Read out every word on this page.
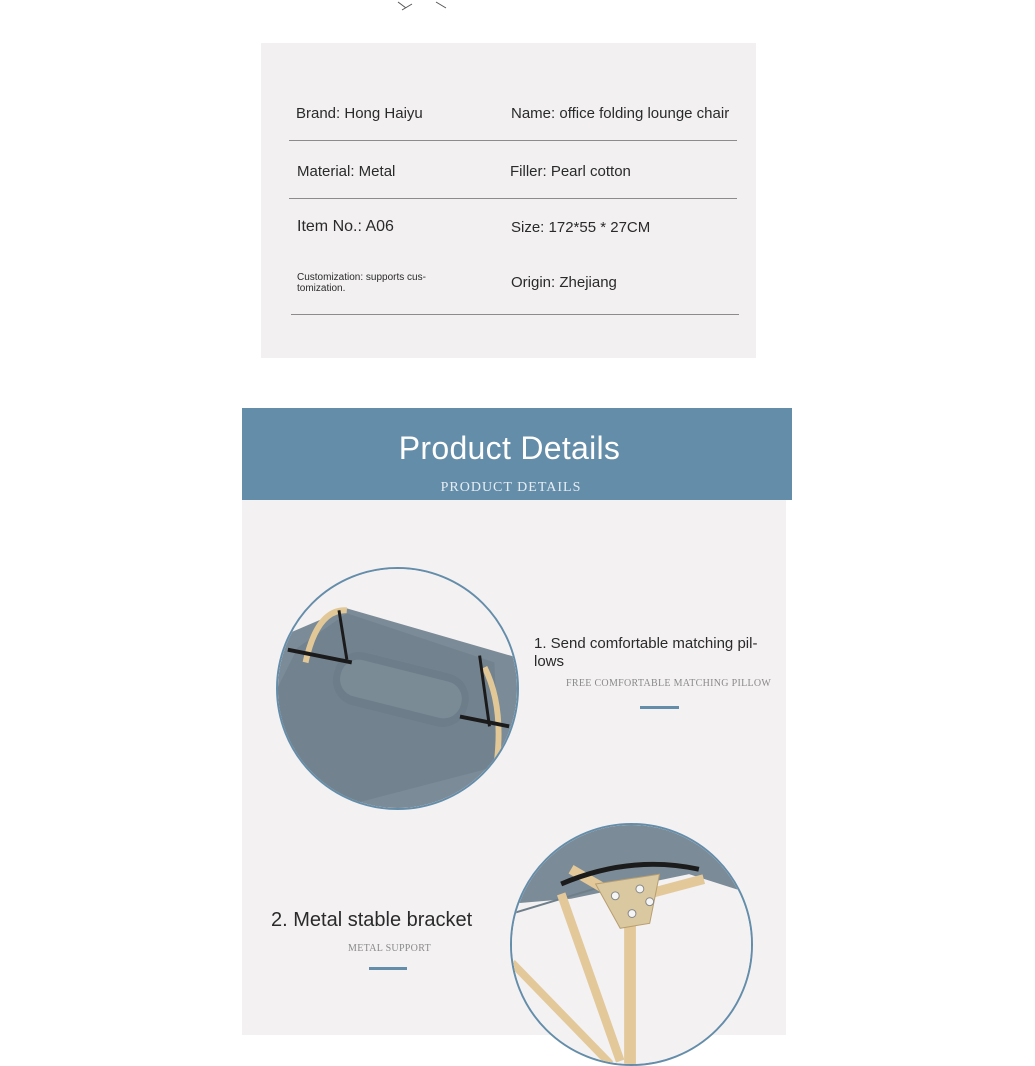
Brand: Hong Haiyu	Name: office folding lounge chair
Material: Metal	Filler: Pearl cotton
Item No.: A06	Size: 172*55 * 27CM
Customization: supports cus-tomization.	Origin: Zhejiang
Product Details
PRODUCT DETAILS
1. Send comfortable matching pil-lows
FREE COMFORTABLE MATCHING PILLOW
2. Metal stable bracket
METAL SUPPORT
